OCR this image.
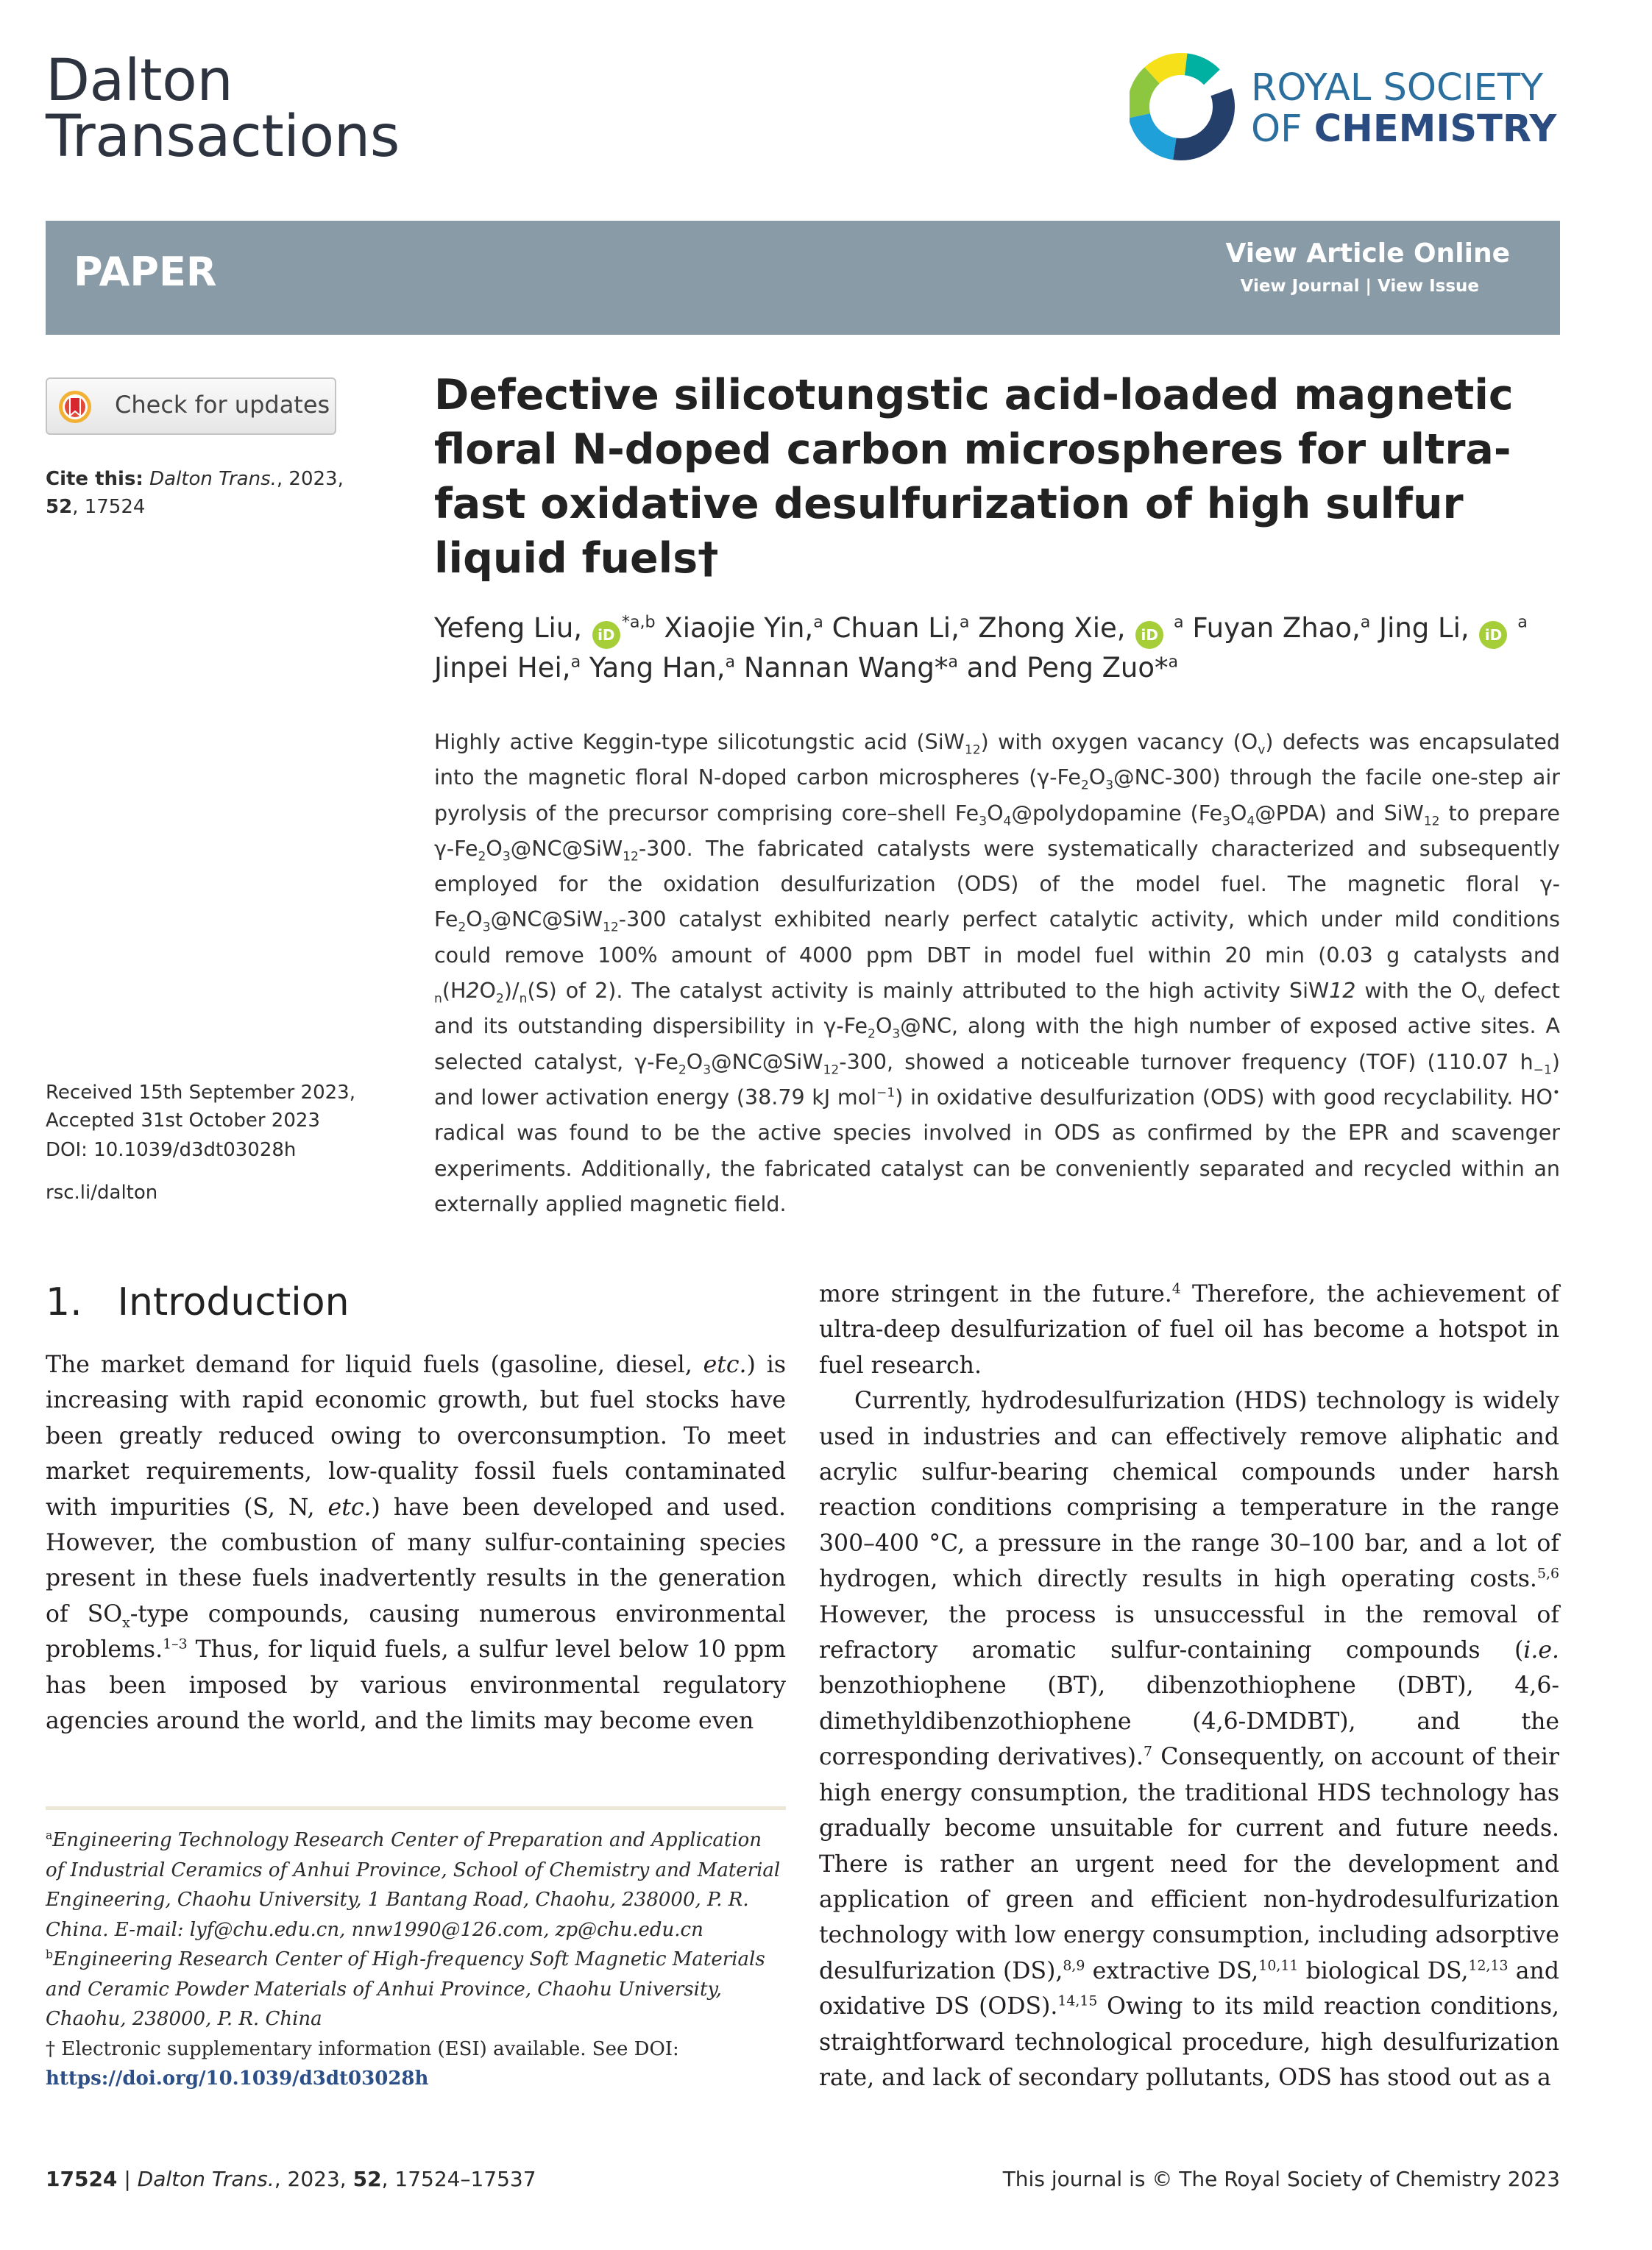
Dalton
Transactions
ROYAL SOCIETY
OF CHEMISTRY
PAPER	View Article Online
View Journal | View Issue
Check for updates
Cite this: Dalton Trans., 2023, 52, 17524
Received 15th September 2023,
Accepted 31st October 2023
DOI: 10.1039/d3dt03028h
rsc.li/dalton
Defective silicotungstic acid-loaded magnetic floral N-doped carbon microspheres for ultra-fast oxidative desulfurization of high sulfur liquid fuels†
Yefeng Liu, iD$^{*a,b}$ Xiaojie Yin,$^a$ Chuan Li,$^a$ Zhong Xie, iD $^a$ Fuyan Zhao,$^a$ Jing Li, iD $^a$
Jinpei Hei,$^a$ Yang Han,$^a$ Nannan Wang*$^a$ and Peng Zuo*$^a$
Highly active Keggin-type silicotungstic acid (SiW$_{12}$) with oxygen vacancy $(O_v)$ defects was encapsulated into the magnetic floral N-doped carbon microspheres $(\gamma-Fe_2O_3@NC-300)$ through the facile one-step air pyrolysis of the precursor comprising core–shell $Fe_3O_4@polydopamine$ $(Fe_3O_4@PDA)$ and SiW$_{12}$ to prepare $\gamma-Fe_2O_3@NC@SiW_{12}-300$. The fabricated catalysts were systematically characterized and subsequently employed for the oxidation desulfurization (ODS) of the model fuel. The magnetic floral $\gamma-Fe_2O_3@NC@SiW_{12}-300$ catalyst exhibited nearly perfect catalytic activity, which under mild conditions could remove 100% amount of 4000 ppm DBT in model fuel within 20 min (0.03 g catalysts and $_n(H2O_2)/_n(S)$ of 2). The catalyst activity is mainly attributed to the high activity SiW12 with the $O_v$ defect and its outstanding dispersibility in $\gamma-Fe_2O_3@NC$, along with the high number of exposed active sites. A selected catalyst, $\gamma-Fe_2O_3@NC@SiW_{12}-300$, showed a noticeable turnover frequency (TOF) (110.07 $h_{-1}$) and lower activation energy (38.79 kJ mol$^{-1}$) in oxidative desulfurization (ODS) with good recyclability. HO• radical was found to be the active species involved in ODS as confirmed by the EPR and scavenger experiments. Additionally, the fabricated catalyst can be conveniently separated and recycled within an externally applied magnetic field.
1. Introduction
The market demand for liquid fuels (gasoline, diesel, etc.) is increasing with rapid economic growth, but fuel stocks have been greatly reduced owing to overconsumption. To meet market requirements, low-quality fossil fuels contaminated with impurities (S, N, etc.) have been developed and used. However, the combustion of many sulfur-containing species present in these fuels inadvertently results in the generation of $SO_x$-type compounds, causing numerous environmental problems.$^{1-3}$ Thus, for liquid fuels, a sulfur level below 10 ppm has been imposed by various environmental regulatory agencies around the world, and the limits may become even
more stringent in the future.$^4$ Therefore, the achievement of ultra-deep desulfurization of fuel oil has become a hotspot in fuel research.
Currently, hydrodesulfurization (HDS) technology is widely used in industries and can effectively remove aliphatic and acrylic sulfur-bearing chemical compounds under harsh reaction conditions comprising a temperature in the range 300–400 °C, a pressure in the range 30–100 bar, and a lot of hydrogen, which directly results in high operating costs.$^{5,6}$ However, the process is unsuccessful in the removal of refractory aromatic sulfur-containing compounds (i.e. benzothiophene (BT), dibenzothiophene (DBT), 4,6-dimethyldibenzothiophene (4,6-DMDBT), and the corresponding derivatives).$^7$ Consequently, on account of their high energy consumption, the traditional HDS technology has gradually become unsuitable for current and future needs. There is rather an urgent need for the development and application of green and efficient non-hydrodesulfurization technology with low energy consumption, including adsorptive desulfurization (DS),$^{8,9}$ extractive DS,$^{10,11}$ biological DS,$^{12,13}$ and oxidative DS (ODS).$^{14,15}$ Owing to its mild reaction conditions, straightforward technological procedure, high desulfurization rate, and lack of secondary pollutants, ODS has stood out as a
$^a$Engineering Technology Research Center of Preparation and Application of Industrial Ceramics of Anhui Province, School of Chemistry and Material Engineering, Chaohu University, 1 Bantang Road, Chaohu, 238000, P. R. China. E-mail: lyf@chu.edu.cn, nnw1990@126.com, zp@chu.edu.cn
$^b$Engineering Research Center of High-frequency Soft Magnetic Materials and Ceramic Powder Materials of Anhui Province, Chaohu University, Chaohu, 238000, P. R. China
† Electronic supplementary information (ESI) available. See DOI: https://doi.org/10.1039/d3dt03028h
17524 | Dalton Trans., 2023, 52, 17524–17537	This journal is © The Royal Society of Chemistry 2023
